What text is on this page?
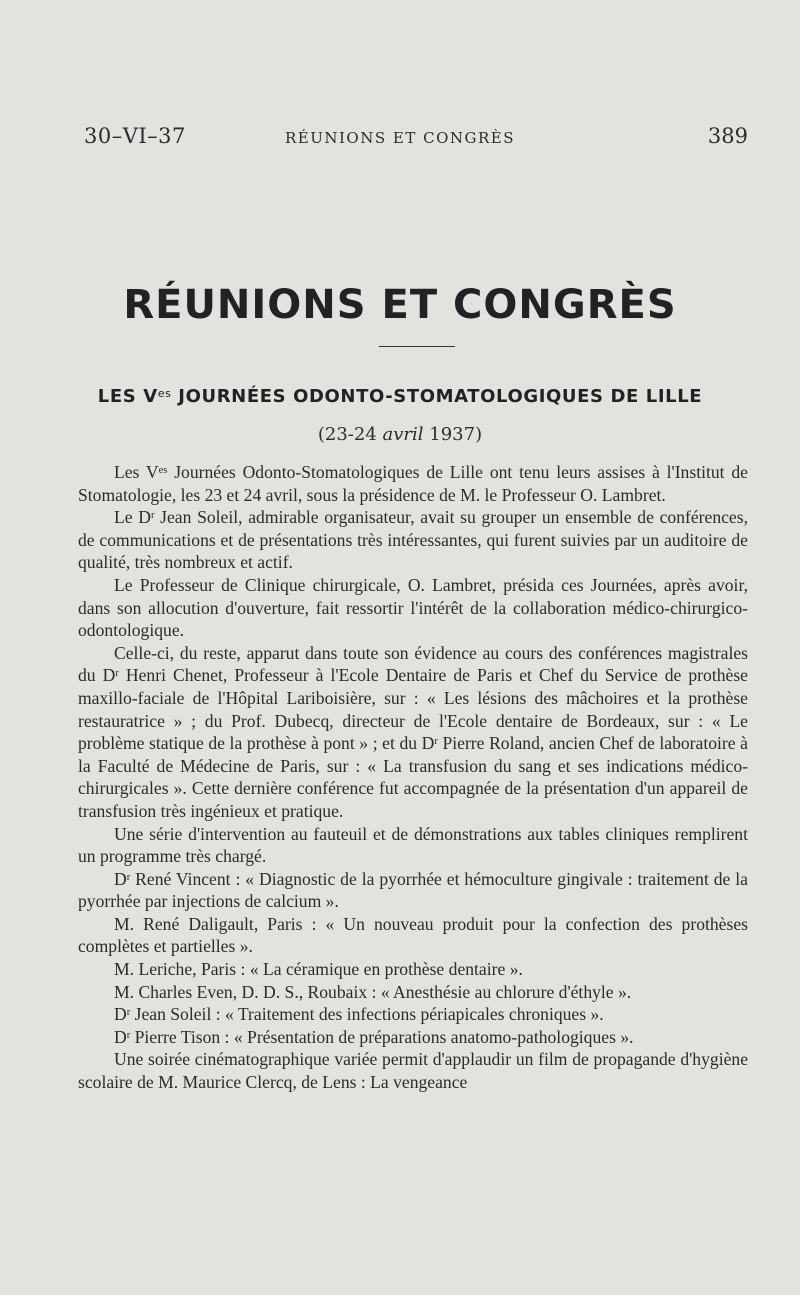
30–VI–37	RÉUNIONS ET CONGRÈS	389
RÉUNIONS ET CONGRÈS
LES $V^{es}$ JOURNÉES ODONTO-STOMATOLOGIQUES DE LILLE
(23-24 avril 1937)

Les $V^{es}$ Journées Odonto-Stomatologiques de Lille ont tenu leurs assises à l'Institut de Stomatologie, les 23 et 24 avril, sous la présidence de M. le Professeur O. Lambret.

Le $D^r$ Jean Soleil, admirable organisateur, avait su grouper un ensemble de conférences, de communications et de présentations très intéressantes, qui furent suivies par un auditoire de qualité, très nombreux et actif.

Le Professeur de Clinique chirurgicale, O. Lambret, présida ces Journées, après avoir, dans son allocution d'ouverture, fait ressortir l'intérêt de la collaboration médico-chirurgico-odontologique.

Celle-ci, du reste, apparut dans toute son évidence au cours des conférences magistrales du $D^r$ Henri Chenet, Professeur à l'Ecole Dentaire de Paris et Chef du Service de prothèse maxillo-faciale de l'Hôpital Lariboisière, sur : « Les lésions des mâchoires et la prothèse restauratrice » ; du Prof. Dubecq, directeur de l'Ecole dentaire de Bordeaux, sur : « Le problème statique de la prothèse à pont » ; et du $D^r$ Pierre Roland, ancien Chef de laboratoire à la Faculté de Médecine de Paris, sur : « La transfusion du sang et ses indications médico-chirurgicales ». Cette dernière conférence fut accompagnée de la présentation d'un appareil de transfusion très ingénieux et pratique.

Une série d'intervention au fauteuil et de démonstrations aux tables cliniques remplirent un programme très chargé.

$D^r$ René Vincent : « Diagnostic de la pyorrhée et hémoculture gingivale : traitement de la pyorrhée par injections de calcium ».

M. René Daligault, Paris : « Un nouveau produit pour la confection des prothèses complètes et partielles ».

M. Leriche, Paris : « La céramique en prothèse dentaire ».

M. Charles Even, D. D. S., Roubaix : « Anesthésie au chlorure d'éthyle ».

$D^r$ Jean Soleil : « Traitement des infections périapicales chroniques ».

$D^r$ Pierre Tison : « Présentation de préparations anatomo-pathologiques ».

Une soirée cinématographique variée permit d'applaudir un film de propagande d'hygiène scolaire de M. Maurice Clercq, de Lens : La vengeance
